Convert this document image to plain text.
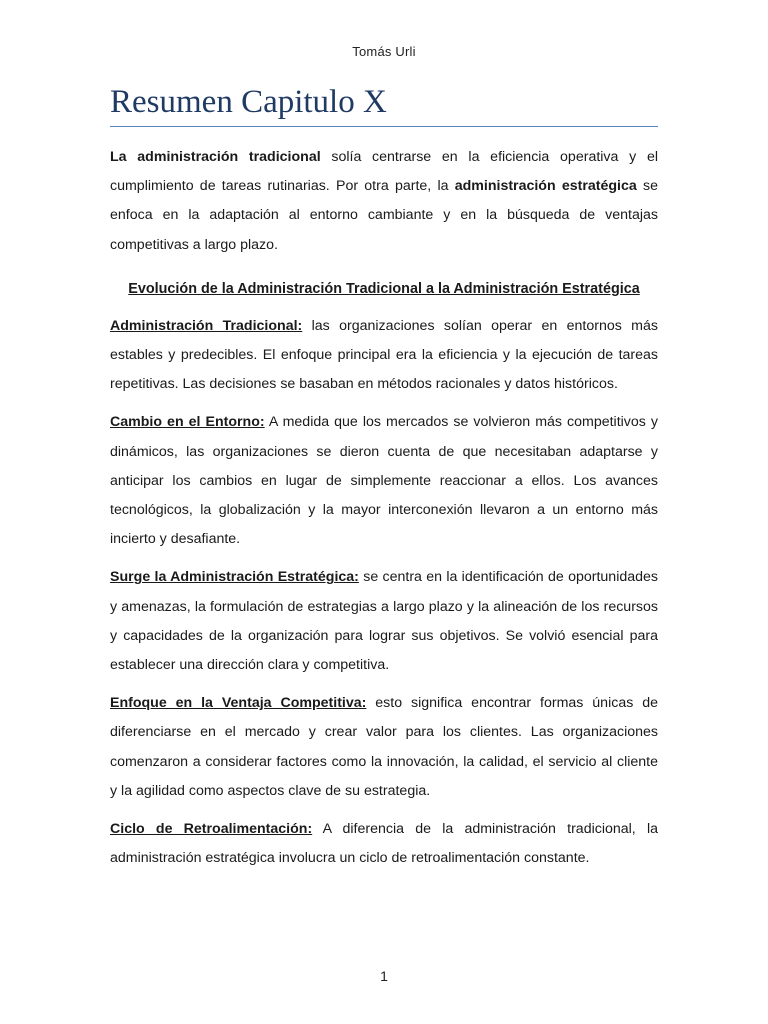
Tomás Urli
Resumen Capitulo X

La administración tradicional solía centrarse en la eficiencia operativa y el cumplimiento de tareas rutinarias. Por otra parte, la administración estratégica se enfoca en la adaptación al entorno cambiante y en la búsqueda de ventajas competitivas a largo plazo.

Evolución de la Administración Tradicional a la Administración Estratégica

Administración Tradicional: las organizaciones solían operar en entornos más estables y predecibles. El enfoque principal era la eficiencia y la ejecución de tareas repetitivas. Las decisiones se basaban en métodos racionales y datos históricos.

Cambio en el Entorno: A medida que los mercados se volvieron más competitivos y dinámicos, las organizaciones se dieron cuenta de que necesitaban adaptarse y anticipar los cambios en lugar de simplemente reaccionar a ellos. Los avances tecnológicos, la globalización y la mayor interconexión llevaron a un entorno más incierto y desafiante.

Surge la Administración Estratégica: se centra en la identificación de oportunidades y amenazas, la formulación de estrategias a largo plazo y la alineación de los recursos y capacidades de la organización para lograr sus objetivos. Se volvió esencial para establecer una dirección clara y competitiva.

Enfoque en la Ventaja Competitiva: esto significa encontrar formas únicas de diferenciarse en el mercado y crear valor para los clientes. Las organizaciones comenzaron a considerar factores como la innovación, la calidad, el servicio al cliente y la agilidad como aspectos clave de su estrategia.

Ciclo de Retroalimentación: A diferencia de la administración tradicional, la administración estratégica involucra un ciclo de retroalimentación constante.

1
